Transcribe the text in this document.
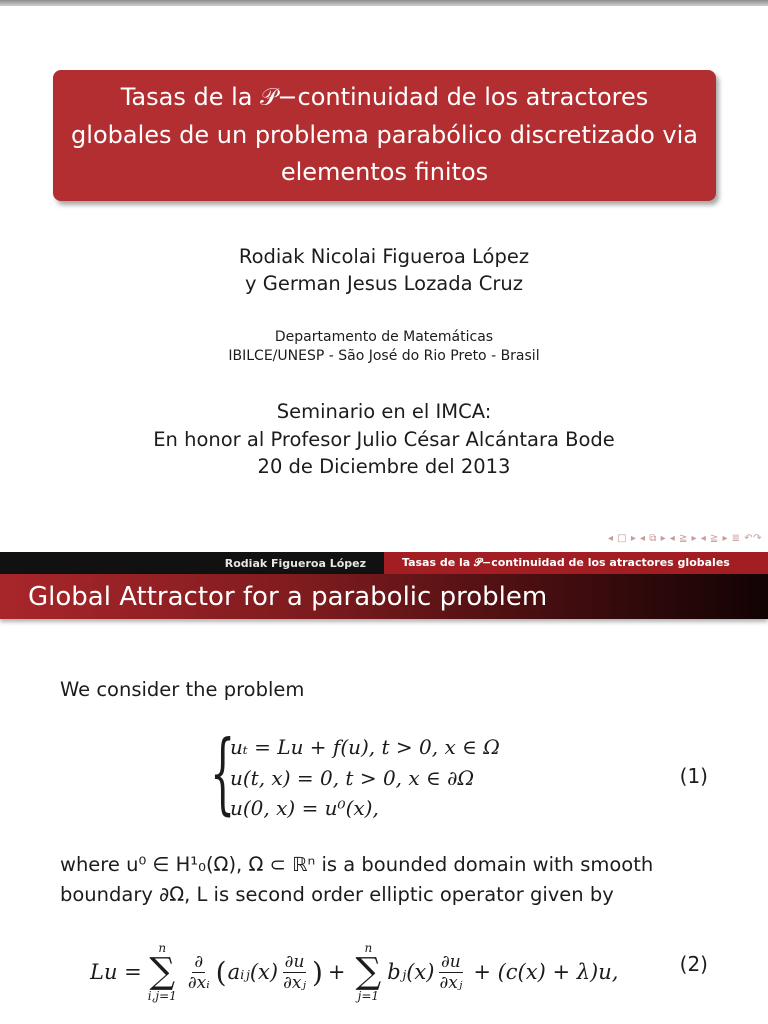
Tasas de la 𝒫−continuidad de los atractores
globales de un problema parabólico discretizado via
elementos finitos
Rodiak Nicolai Figueroa López
y German Jesus Lozada Cruz
Departamento de Matemáticas
IBILCE/UNESP - São José do Rio Preto - Brasil
Seminario en el IMCA:
En honor al Profesor Julio César Alcántara Bode
20 de Diciembre del 2013
◂ □ ▸ ◂ ⧉ ▸ ◂ ≧ ▸ ◂ ≧ ▸ ≣ ↶↷
Rodiak Figueroa López	Tasas de la 𝒫−continuidad de los atractores globales
Global Attractor for a parabolic problem
We consider the problem
{
uₜ = Lu + f(u), t > 0, x ∈ Ω
u(t, x) = 0, t > 0, x ∈ ∂Ω
u(0, x) = u⁰(x),
(1)
where u⁰ ∈ H¹₀(Ω), Ω ⊂ ℝⁿ is a bounded domain with smooth
boundary ∂Ω, L is second order elliptic operator given by
Lu =
n
∑
i,j=1
$\frac{\partial}{\text{∂xᵢ}}$ ( aᵢⱼ(x) $\frac{\partial u}{\text{∂xⱼ}}$ ) +
n
∑
j=1
bⱼ(x) $\frac{\partial u}{\text{∂xⱼ}} + (c(x) + \lambda)u$,	(2)
